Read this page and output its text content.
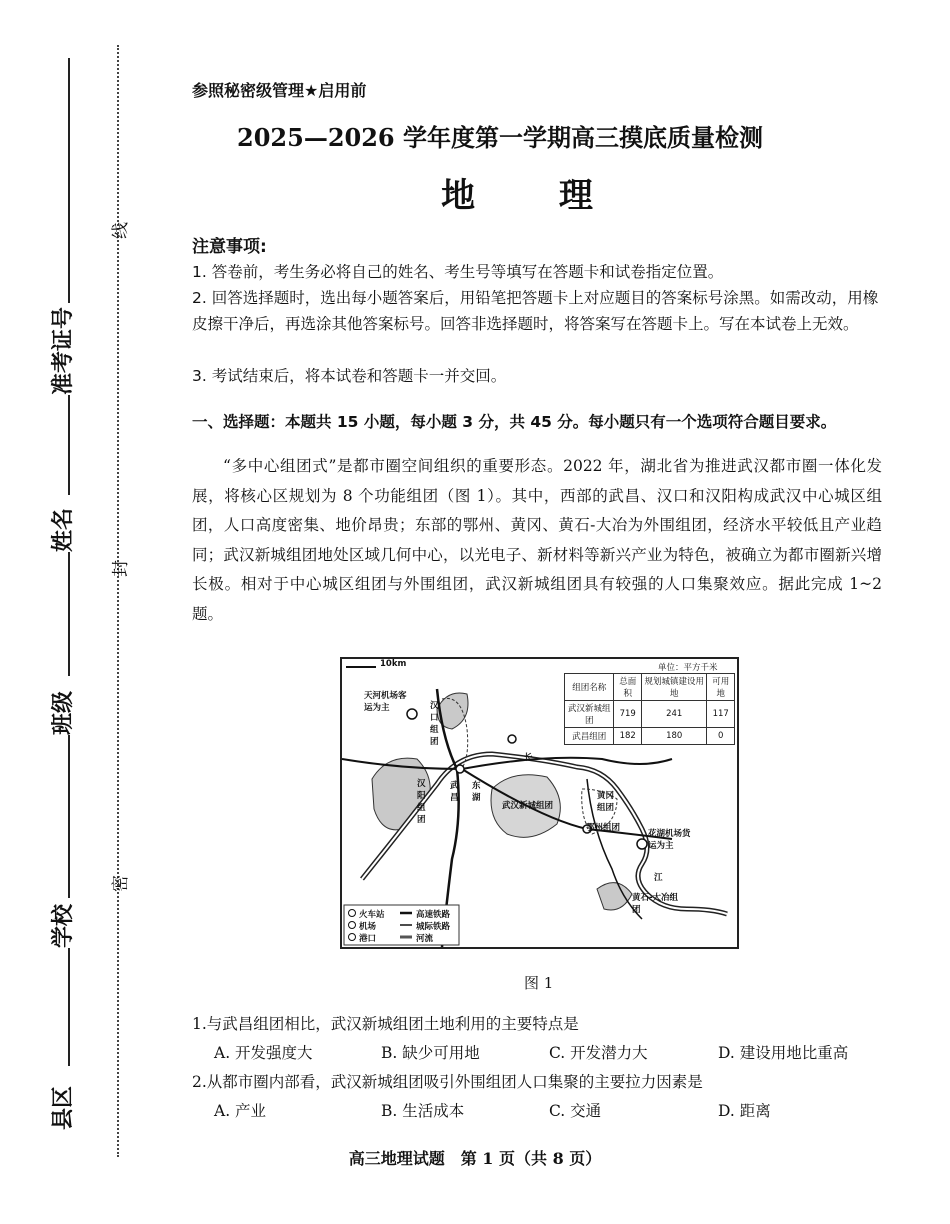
准考证号
姓名
班级
学校
县区
线
封
密
参照秘密级管理★启用前
2025—2026 学年度第一学期高三摸底质量检测
地 理
注意事项:
1. 答卷前，考生务必将自己的姓名、考生号等填写在答题卡和试卷指定位置。
2. 回答选择题时，选出每小题答案后，用铅笔把答题卡上对应题目的答案标号涂黑。如需改动，用橡皮擦干净后，再选涂其他答案标号。回答非选择题时，将答案写在答题卡上。写在本试卷上无效。
3. 考试结束后，将本试卷和答题卡一并交回。
一、选择题：本题共 15 小题，每小题 3 分，共 45 分。每小题只有一个选项符合题目要求。
“多中心组团式”是都市圈空间组织的重要形态。2022 年，湖北省为推进武汉都市圈一体化发展，将核心区规划为 8 个功能组团（图 1）。其中，西部的武昌、汉口和汉阳构成武汉中心城区组团，人口高度密集、地价昂贵；东部的鄂州、黄冈、黄石-大冶为外围组团，经济水平较低且产业趋同；武汉新城组团地处区域几何中心，以光电子、新材料等新兴产业为特色，被确立为都市圈新兴增长极。相对于中心城区组团与外围组团，武汉新城组团具有较强的人口集聚效应。据此完成 1~2 题。
10km	单位：平方千米
组团名称	总面积	规划城镇建设用地	可用地
武汉新城组团	719	241	117
武昌组团	182	180	0
天河机场客运为主	汉口组团
汉阳组团
武昌
东湖
武汉新城组团
长
江
黄冈组团
鄂州组团
花湖机场货运为主
黄石-大冶组团
火车站	高速铁路
机场	城际铁路
港口	河流
图 1
1.与武昌组团相比，武汉新城组团土地利用的主要特点是
A. 开发强度大	B. 缺少可用地	C. 开发潜力大	D. 建设用地比重高
2.从都市圈内部看，武汉新城组团吸引外围组团人口集聚的主要拉力因素是
A. 产业	B. 生活成本	C. 交通	D. 距离
高三地理试题　第 1 页（共 8 页）
